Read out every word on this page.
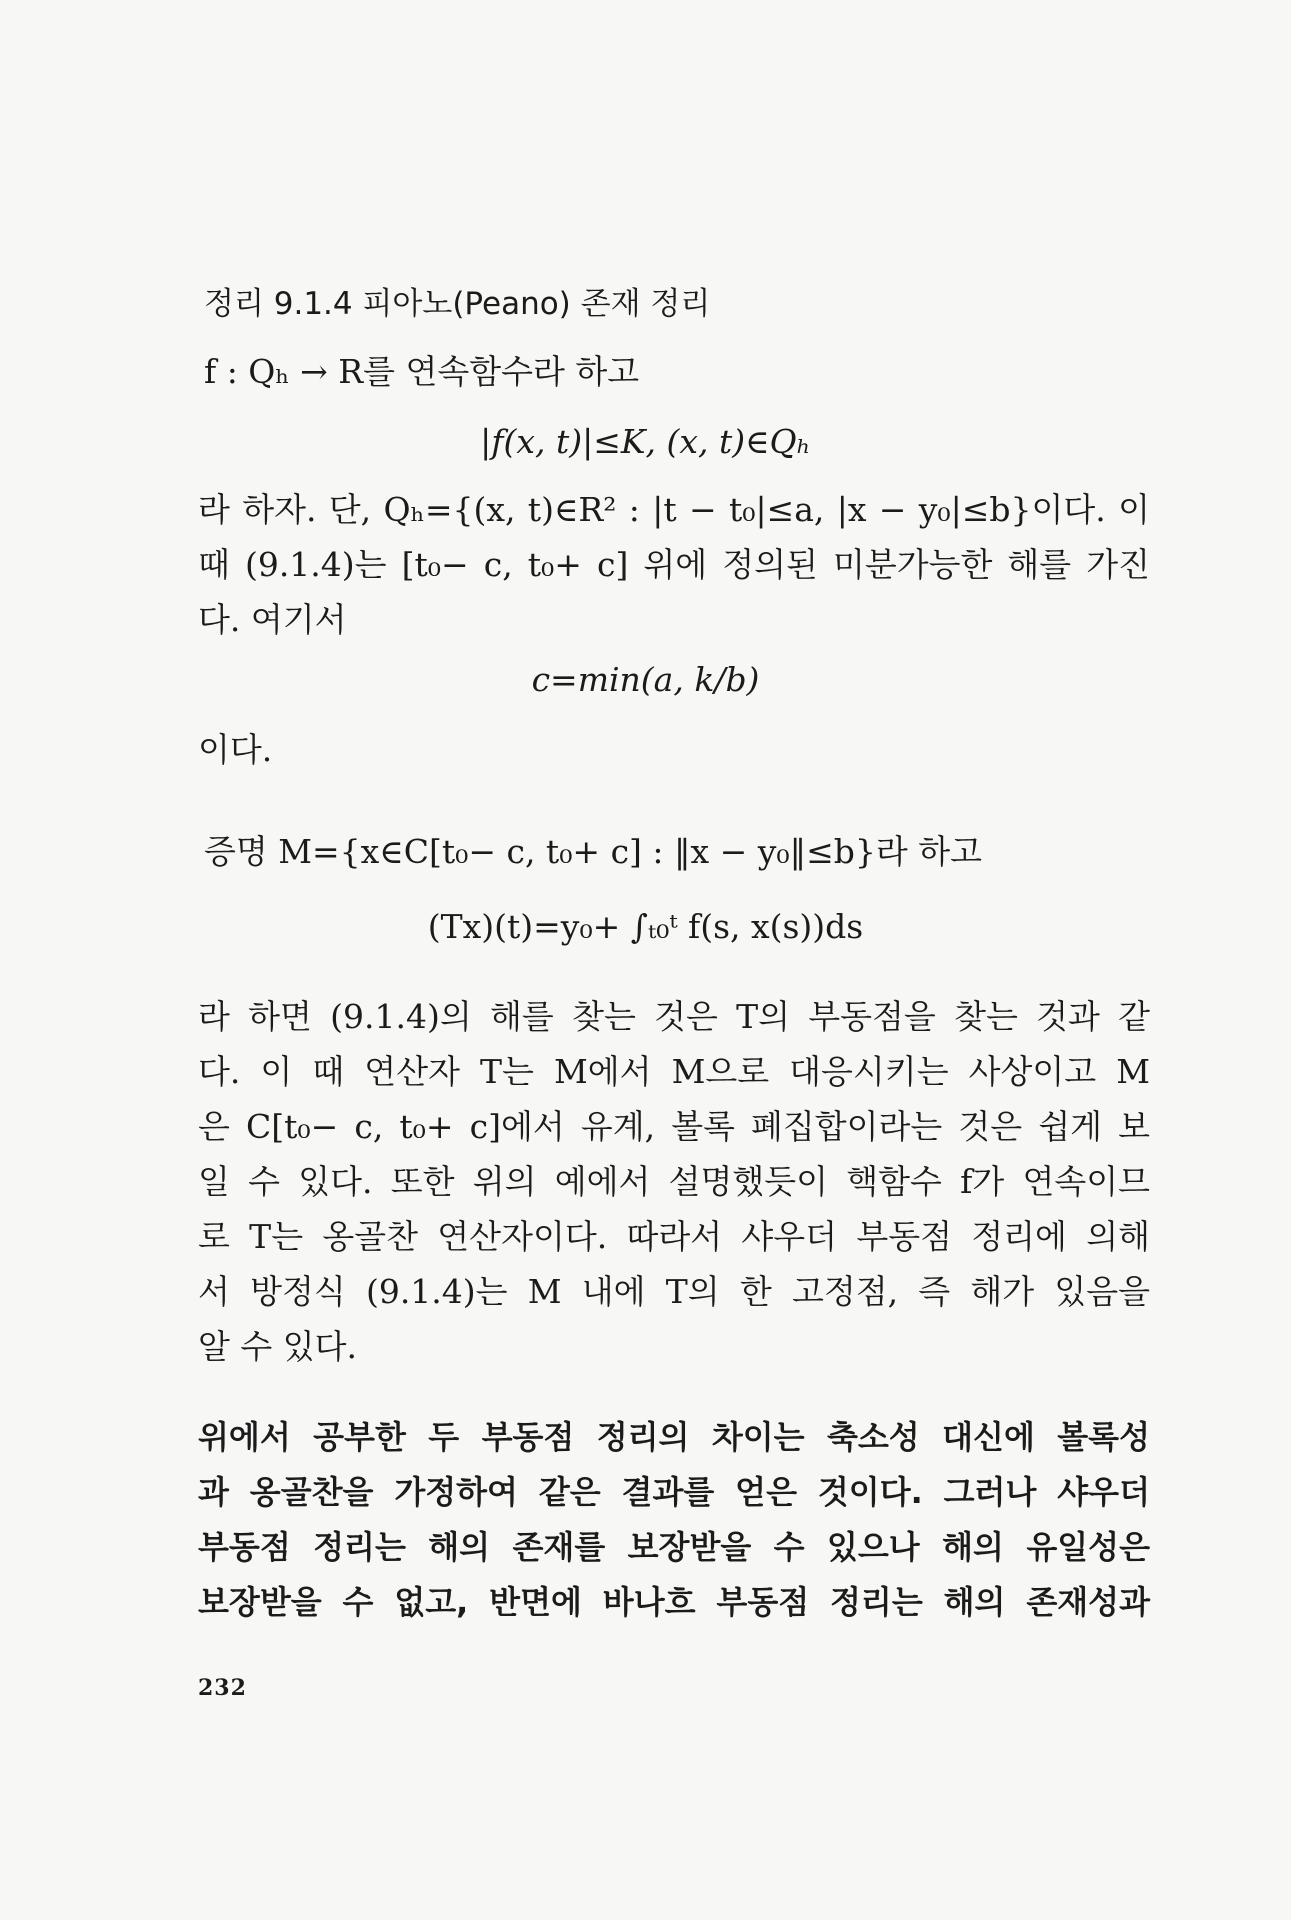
정리 9.1.4 피아노(Peano) 존재 정리
f : Qₕ → R를 연속함수라 하고
|f(x, t)|≤K, (x, t)∈Qₕ
라 하자. 단, Qₕ={(x, t)∈R² : |t − t₀|≤a, |x − y₀|≤b}이다. 이
때 (9.1.4)는 [t₀− c, t₀+ c] 위에 정의된 미분가능한 해를 가진
다. 여기서
c=min(a, k/b)
이다.
증명 M={x∈C[t₀− c, t₀+ c] : ‖x − y₀‖≤b}라 하고
(Tx)(t)=y₀+ ∫ₜ₀ᵗ f(s, x(s))ds
라 하면 (9.1.4)의 해를 찾는 것은 T의 부동점을 찾는 것과 같
다. 이 때 연산자 T는 M에서 M으로 대응시키는 사상이고 M
은 C[t₀− c, t₀+ c]에서 유계, 볼록 폐집합이라는 것은 쉽게 보
일 수 있다. 또한 위의 예에서 설명했듯이 핵함수 f가 연속이므
로 T는 옹골찬 연산자이다. 따라서 샤우더 부동점 정리에 의해
서 방정식 (9.1.4)는 M 내에 T의 한 고정점, 즉 해가 있음을
알 수 있다.
위에서 공부한 두 부동점 정리의 차이는 축소성 대신에 볼록성
과 옹골찬을 가정하여 같은 결과를 얻은 것이다. 그러나 샤우더
부동점 정리는 해의 존재를 보장받을 수 있으나 해의 유일성은
보장받을 수 없고, 반면에 바나흐 부동점 정리는 해의 존재성과
232
